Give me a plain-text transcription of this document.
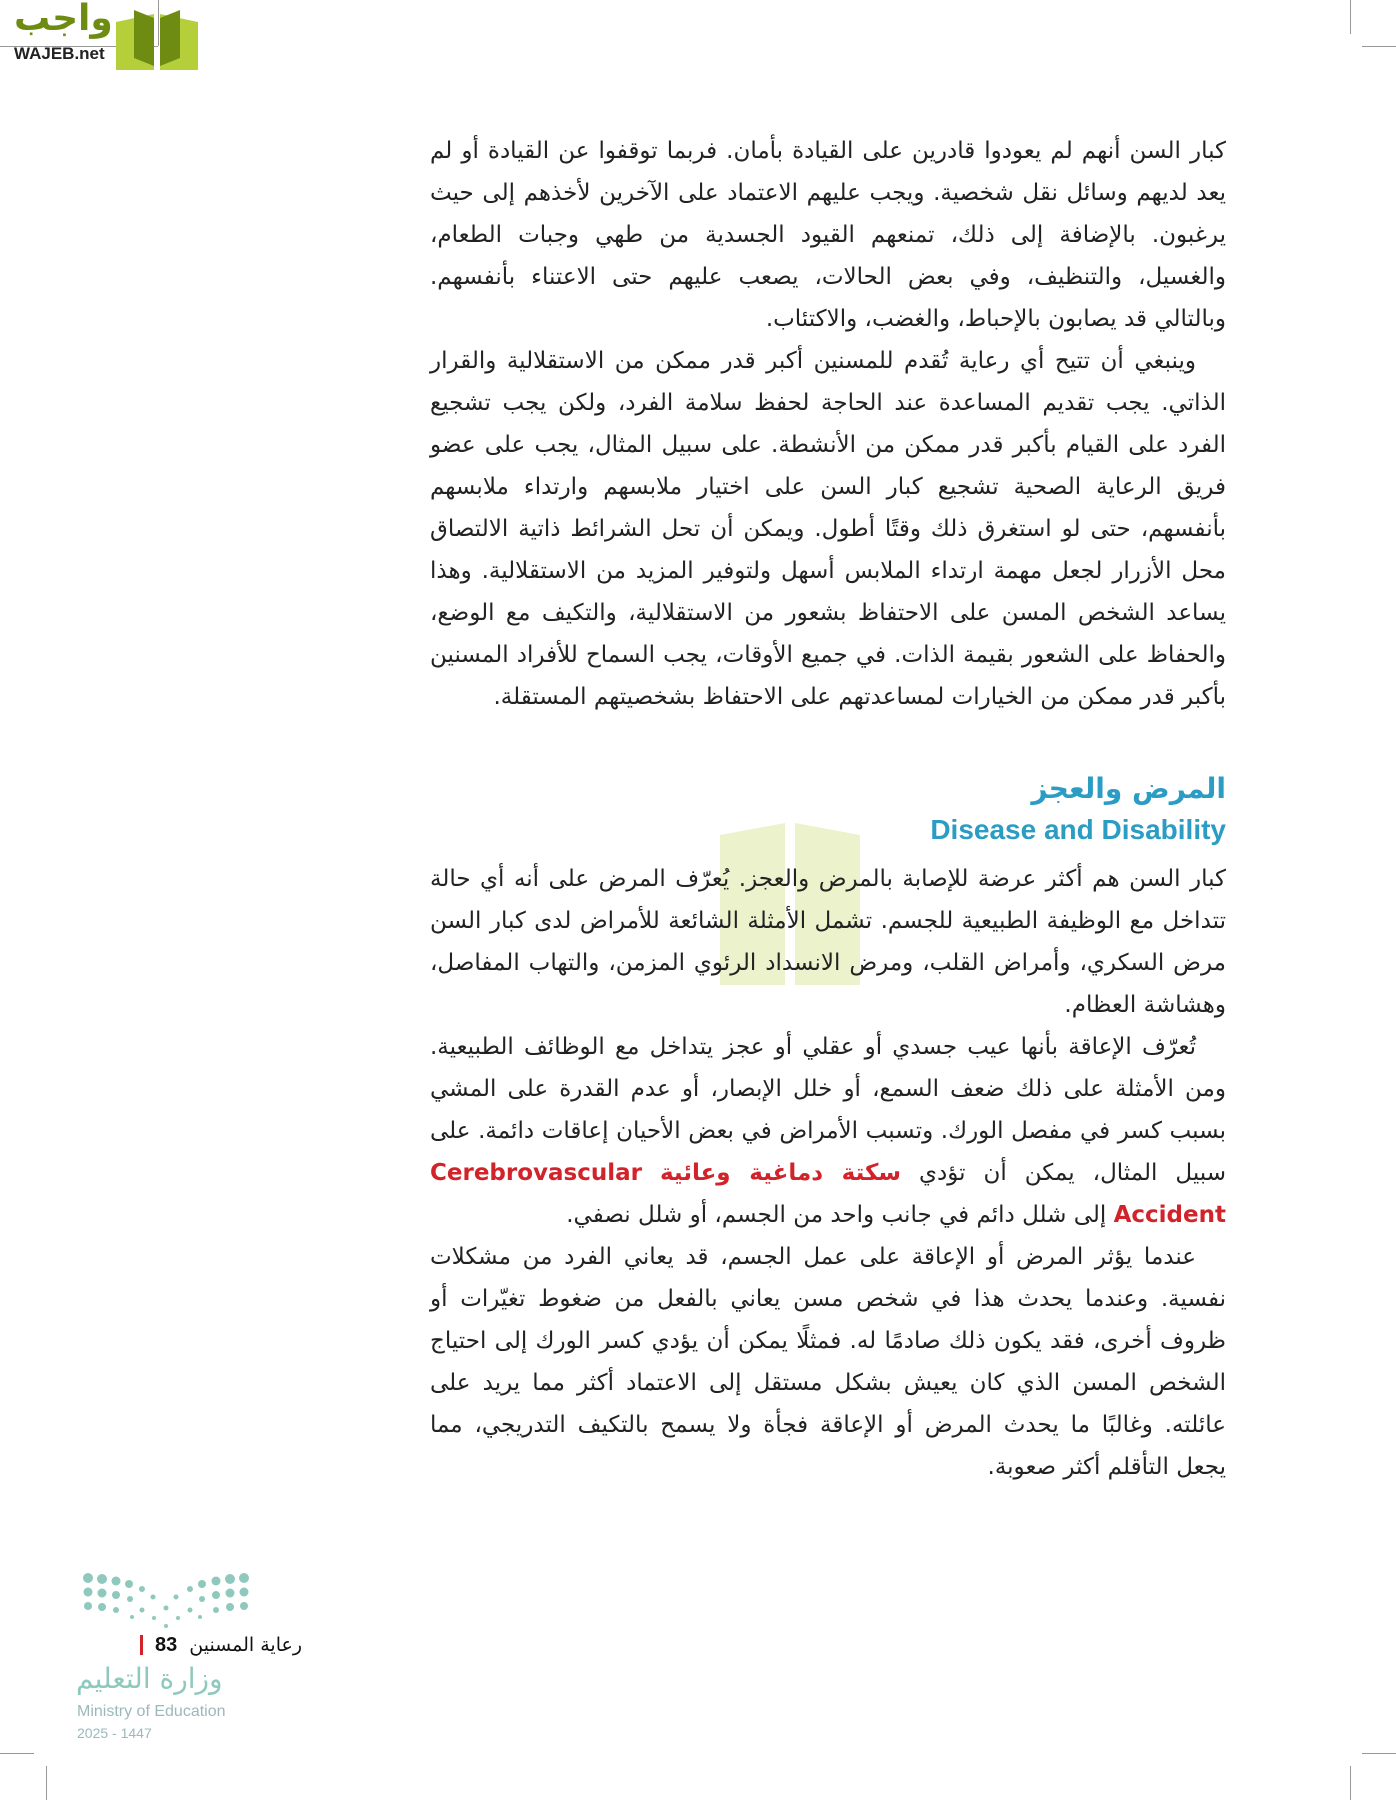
واجب
WAJEB.net

كبار السن أنهم لم يعودوا قادرين على القيادة بأمان. فربما توقفوا عن القيادة أو لم يعد لديهم وسائل نقل شخصية. ويجب عليهم الاعتماد على الآخرين لأخذهم إلى حيث يرغبون. بالإضافة إلى ذلك، تمنعهم القيود الجسدية من طهي وجبات الطعام، والغسيل، والتنظيف، وفي بعض الحالات، يصعب عليهم حتى الاعتناء بأنفسهم. وبالتالي قد يصابون بالإحباط، والغضب، والاكتئاب.

وينبغي أن تتيح أي رعاية تُقدم للمسنين أكبر قدر ممكن من الاستقلالية والقرار الذاتي. يجب تقديم المساعدة عند الحاجة لحفظ سلامة الفرد، ولكن يجب تشجيع الفرد على القيام بأكبر قدر ممكن من الأنشطة. على سبيل المثال، يجب على عضو فريق الرعاية الصحية تشجيع كبار السن على اختيار ملابسهم وارتداء ملابسهم بأنفسهم، حتى لو استغرق ذلك وقتًا أطول. ويمكن أن تحل الشرائط ذاتية الالتصاق محل الأزرار لجعل مهمة ارتداء الملابس أسهل ولتوفير المزيد من الاستقلالية. وهذا يساعد الشخص المسن على الاحتفاظ بشعور من الاستقلالية، والتكيف مع الوضع، والحفاظ على الشعور بقيمة الذات. في جميع الأوقات، يجب السماح للأفراد المسنين بأكبر قدر ممكن من الخيارات لمساعدتهم على الاحتفاظ بشخصيتهم المستقلة.

المرض والعجز
Disease and Disability

كبار السن هم أكثر عرضة للإصابة بالمرض والعجز. يُعرّف المرض على أنه أي حالة تتداخل مع الوظيفة الطبيعية للجسم. تشمل الأمثلة الشائعة للأمراض لدى كبار السن مرض السكري، وأمراض القلب، ومرض الانسداد الرئوي المزمن، والتهاب المفاصل، وهشاشة العظام.

تُعرّف الإعاقة بأنها عيب جسدي أو عقلي أو عجز يتداخل مع الوظائف الطبيعية. ومن الأمثلة على ذلك ضعف السمع، أو خلل الإبصار، أو عدم القدرة على المشي بسبب كسر في مفصل الورك. وتسبب الأمراض في بعض الأحيان إعاقات دائمة. على سبيل المثال، يمكن أن تؤدي سكتة دماغية وعائية Cerebrovascular Accident إلى شلل دائم في جانب واحد من الجسم، أو شلل نصفي.

عندما يؤثر المرض أو الإعاقة على عمل الجسم، قد يعاني الفرد من مشكلات نفسية. وعندما يحدث هذا في شخص مسن يعاني بالفعل من ضغوط تغيّرات أو ظروف أخرى، فقد يكون ذلك صادمًا له. فمثلًا يمكن أن يؤدي كسر الورك إلى احتياج الشخص المسن الذي كان يعيش بشكل مستقل إلى الاعتماد أكثر مما يريد على عائلته. وغالبًا ما يحدث المرض أو الإعاقة فجأة ولا يسمح بالتكيف التدريجي، مما يجعل التأقلم أكثر صعوبة.

83 رعاية المسنين
وزارة التعليم
Ministry of Education
2025 - 1447
